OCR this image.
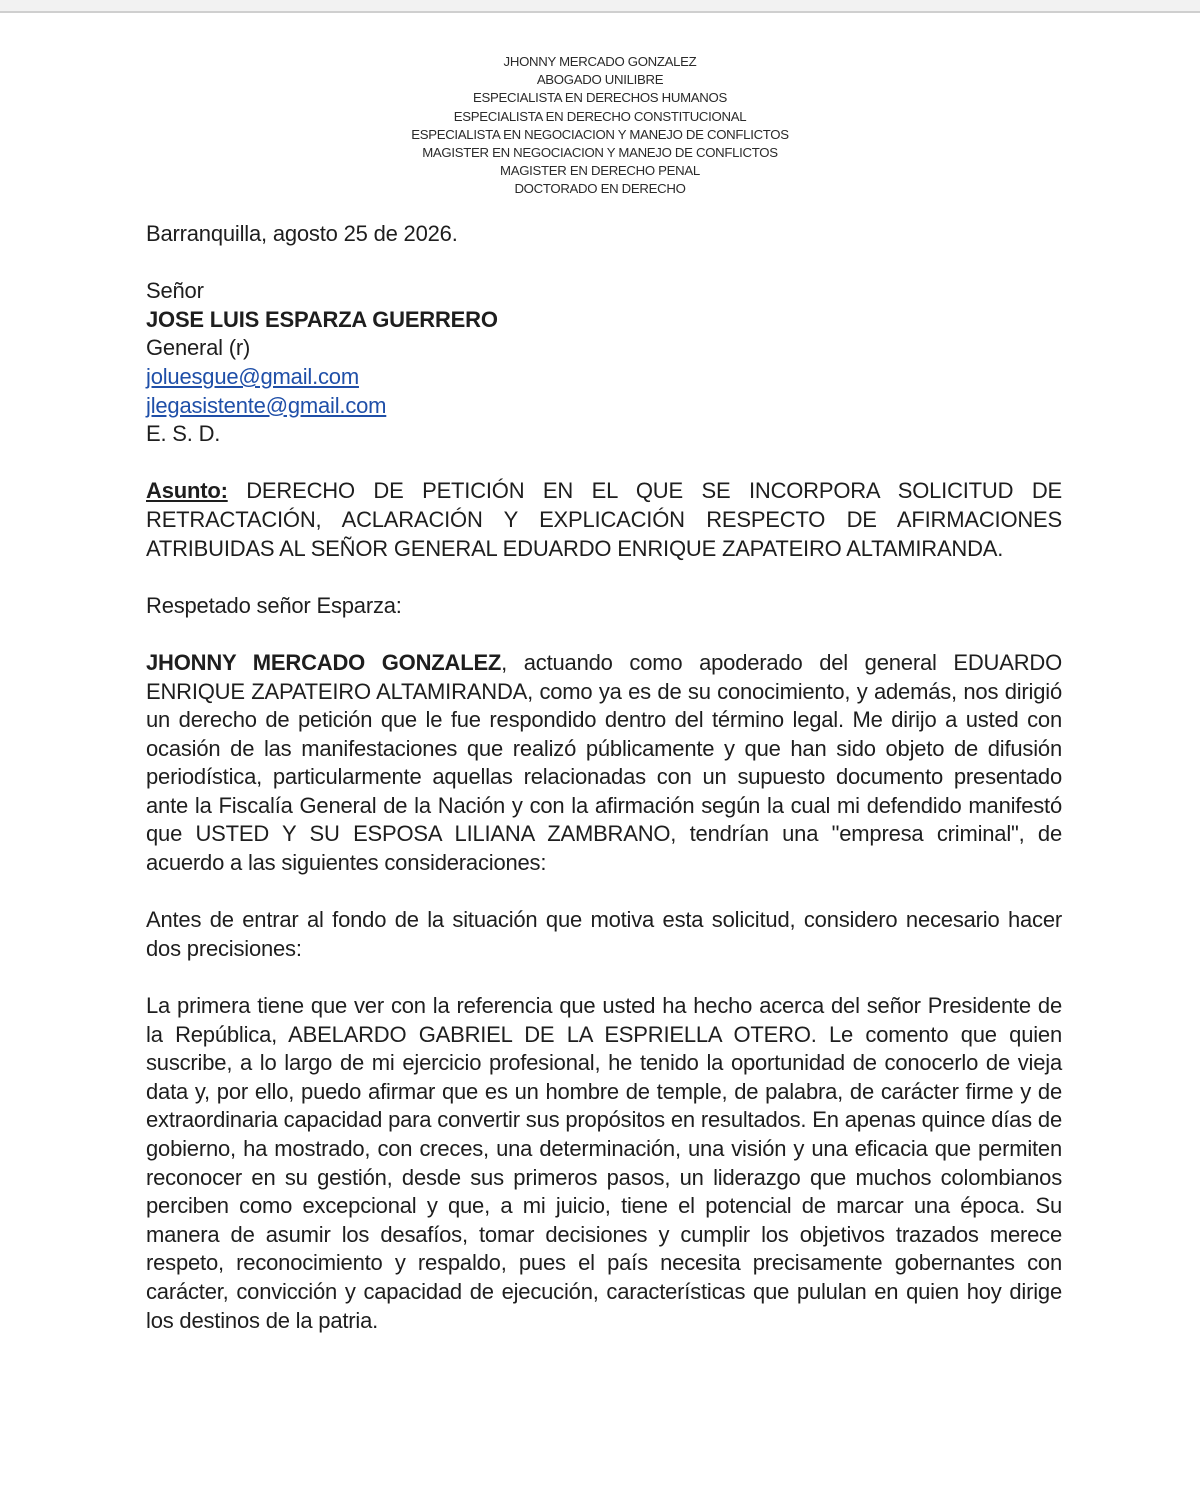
JHONNY MERCADO GONZALEZ
ABOGADO UNILIBRE
ESPECIALISTA EN DERECHOS HUMANOS
ESPECIALISTA EN DERECHO CONSTITUCIONAL
ESPECIALISTA EN NEGOCIACION Y MANEJO DE CONFLICTOS
MAGISTER EN NEGOCIACION Y MANEJO DE CONFLICTOS
MAGISTER EN DERECHO PENAL
DOCTORADO EN DERECHO
Barranquilla, agosto 25 de 2026.
Señor
JOSE LUIS ESPARZA GUERRERO
General (r)
joluesgue@gmail.com
jlegasistente@gmail.com
E. S. D.

Asunto: DERECHO DE PETICIÓN EN EL QUE SE INCORPORA SOLICITUD DE RETRACTACIÓN, ACLARACIÓN Y EXPLICACIÓN RESPECTO DE AFIRMACIONES ATRIBUIDAS AL SEÑOR GENERAL EDUARDO ENRIQUE ZAPATEIRO ALTAMIRANDA.

Respetado señor Esparza:

JHONNY MERCADO GONZALEZ, actuando como apoderado del general EDUARDO ENRIQUE ZAPATEIRO ALTAMIRANDA, como ya es de su conocimiento, y además, nos dirigió un derecho de petición que le fue respondido dentro del término legal. Me dirijo a usted con ocasión de las manifestaciones que realizó públicamente y que han sido objeto de difusión periodística, particularmente aquellas relacionadas con un supuesto documento presentado ante la Fiscalía General de la Nación y con la afirmación según la cual mi defendido manifestó que USTED Y SU ESPOSA LILIANA ZAMBRANO, tendrían una "empresa criminal", de acuerdo a las siguientes consideraciones:

Antes de entrar al fondo de la situación que motiva esta solicitud, considero necesario hacer dos precisiones:

La primera tiene que ver con la referencia que usted ha hecho acerca del señor Presidente de la República, ABELARDO GABRIEL DE LA ESPRIELLA OTERO. Le comento que quien suscribe, a lo largo de mi ejercicio profesional, he tenido la oportunidad de conocerlo de vieja data y, por ello, puedo afirmar que es un hombre de temple, de palabra, de carácter firme y de extraordinaria capacidad para convertir sus propósitos en resultados. En apenas quince días de gobierno, ha mostrado, con creces, una determinación, una visión y una eficacia que permiten reconocer en su gestión, desde sus primeros pasos, un liderazgo que muchos colombianos perciben como excepcional y que, a mi juicio, tiene el potencial de marcar una época. Su manera de asumir los desafíos, tomar decisiones y cumplir los objetivos trazados merece respeto, reconocimiento y respaldo, pues el país necesita precisamente gobernantes con carácter, convicción y capacidad de ejecución, características que pululan en quien hoy dirige los destinos de la patria.
